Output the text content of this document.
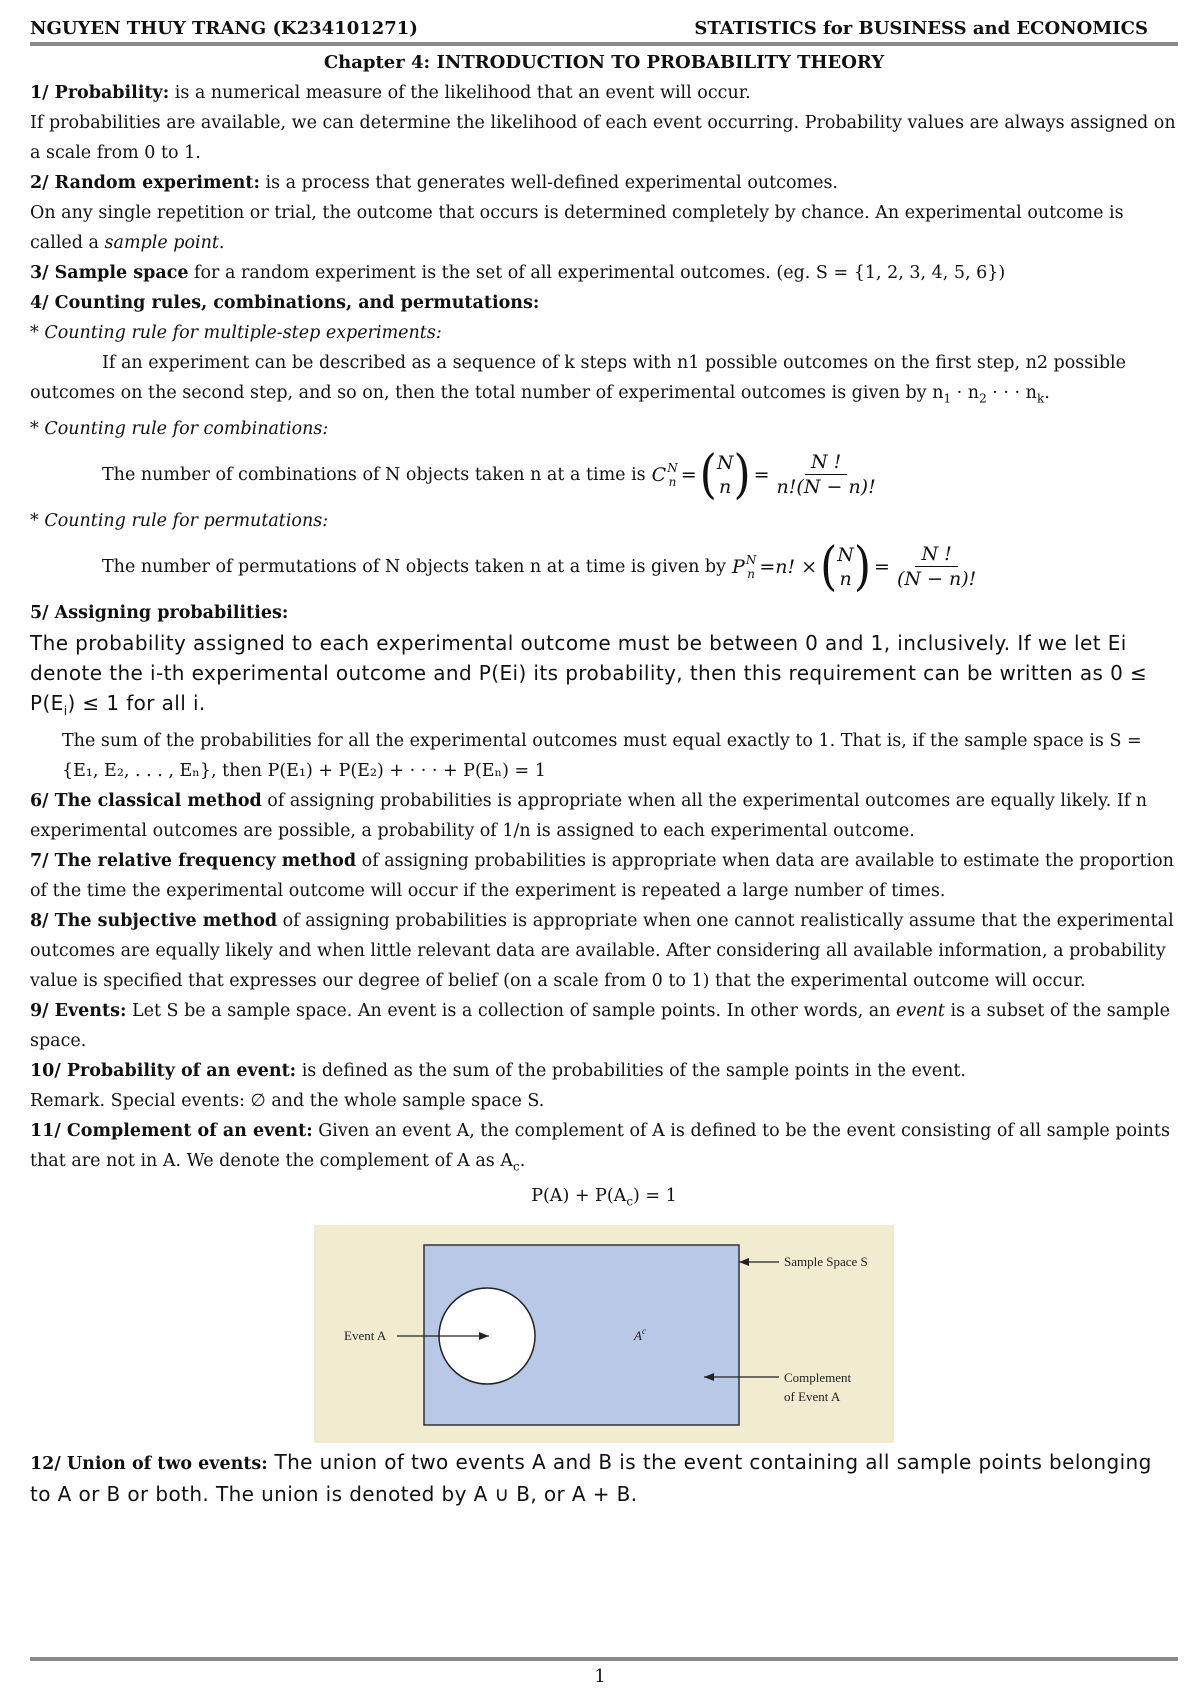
NGUYEN THUY TRANG (K234101271)	STATISTICS for BUSINESS and ECONOMICS

Chapter 4: INTRODUCTION TO PROBABILITY THEORY

1/ Probability: is a numerical measure of the likelihood that an event will occur.

If probabilities are available, we can determine the likelihood of each event occurring. Probability values are always assigned on a scale from 0 to 1.

2/ Random experiment: is a process that generates well-defined experimental outcomes.

On any single repetition or trial, the outcome that occurs is determined completely by chance. An experimental outcome is called a sample point.

3/ Sample space for a random experiment is the set of all experimental outcomes. (eg. S = {1, 2, 3, 4, 5, 6})

4/ Counting rules, combinations, and permutations:

* Counting rule for multiple-step experiments:

If an experiment can be described as a sequence of k steps with n1 possible outcomes on the first step, n2 possible outcomes on the second step, and so on, then the total number of experimental outcomes is given by $n_1 \cdot n_2$ · · · $n_k$.

* Counting rule for combinations:

The number of combinations of N objects taken n at a time is C N
n = ( N
n ) = $\frac{N !}{n!(N - n)!}$

* Counting rule for permutations:

The number of permutations of N objects taken n at a time is given by P N
n =n! × ( N
n ) = $\frac{N !}{(N - n)!}$

5/ Assigning probabilities:

The probability assigned to each experimental outcome must be between 0 and 1, inclusively. If we let Ei denote the i-th experimental outcome and P(Ei) its probability, then this requirement can be written as $0 \le P(E_i) \le 1$ for all i.

The sum of the probabilities for all the experimental outcomes must equal exactly to 1. That is, if the sample space is S = {E₁, E₂, . . . , Eₙ}, then P(E₁) + P(E₂) + · · · + P(Eₙ) = 1

6/ The classical method of assigning probabilities is appropriate when all the experimental outcomes are equally likely. If n experimental outcomes are possible, a probability of 1/n is assigned to each experimental outcome.

7/ The relative frequency method of assigning probabilities is appropriate when data are available to estimate the proportion of the time the experimental outcome will occur if the experiment is repeated a large number of times.

8/ The subjective method of assigning probabilities is appropriate when one cannot realistically assume that the experimental outcomes are equally likely and when little relevant data are available. After considering all available information, a probability value is specified that expresses our degree of belief (on a scale from 0 to 1) that the experimental outcome will occur.

9/ Events: Let S be a sample space. An event is a collection of sample points. In other words, an event is a subset of the sample space.

10/ Probability of an event: is defined as the sum of the probabilities of the sample points in the event.

Remark. Special events: ∅ and the whole sample space S.

11/ Complement of an event: Given an event A, the complement of A is defined to be the event consisting of all sample points that are not in A. We denote the complement of A as $A_c$.

$P(A) + P(A_c) = 1$

Event A	$A^c$
Sample Space S
Complement
of Event A

12/ Union of two events: The union of two events A and B is the event containing all sample points belonging to A or B or both. The union is denoted by A ∪ B, or A + B.

1
